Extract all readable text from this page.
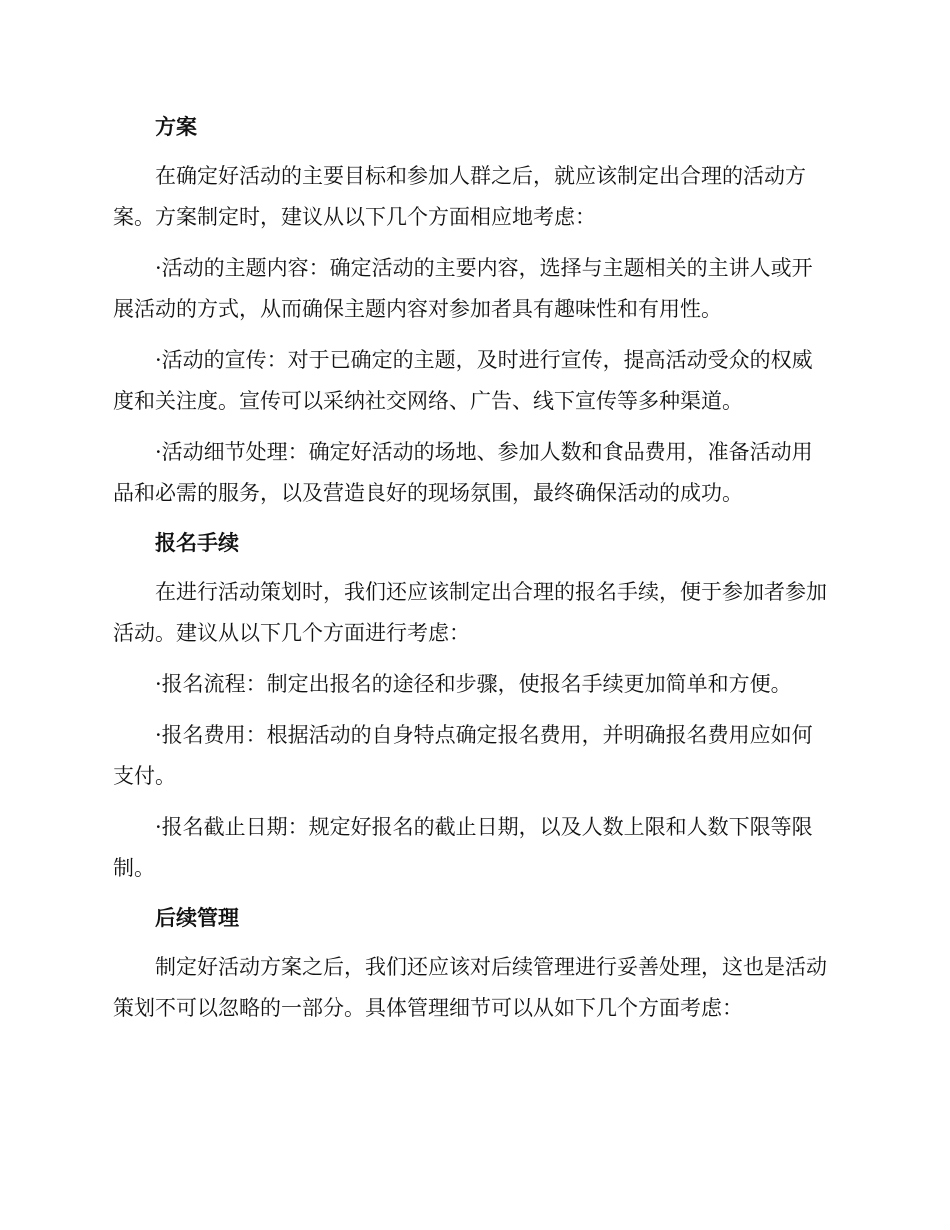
方案

在确定好活动的主要目标和参加人群之后，就应该制定出合理的活动方案。方案制定时，建议从以下几个方面相应地考虑：

·活动的主题内容：确定活动的主要内容，选择与主题相关的主讲人或开展活动的方式，从而确保主题内容对参加者具有趣味性和有用性。

·活动的宣传：对于已确定的主题，及时进行宣传，提高活动受众的权威度和关注度。宣传可以采纳社交网络、广告、线下宣传等多种渠道。

·活动细节处理：确定好活动的场地、参加人数和食品费用，准备活动用品和必需的服务，以及营造良好的现场氛围，最终确保活动的成功。

报名手续

在进行活动策划时，我们还应该制定出合理的报名手续，便于参加者参加活动。建议从以下几个方面进行考虑：

·报名流程：制定出报名的途径和步骤，使报名手续更加简单和方便。

·报名费用：根据活动的自身特点确定报名费用，并明确报名费用应如何支付。

·报名截止日期：规定好报名的截止日期，以及人数上限和人数下限等限制。

后续管理

制定好活动方案之后，我们还应该对后续管理进行妥善处理，这也是活动策划不可以忽略的一部分。具体管理细节可以从如下几个方面考虑：
